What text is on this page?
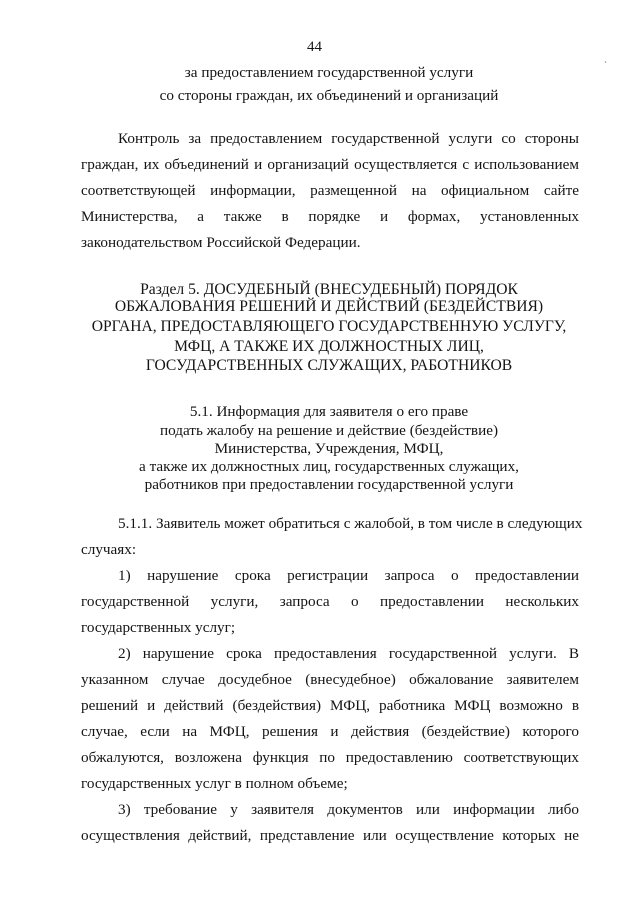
44
за предоставлением государственной услуги
со стороны граждан, их объединений и организаций
Контроль за предоставлением государственной услуги со стороны
граждан, их объединений и организаций осуществляется с использованием
соответствующей информации, размещенной на официальном сайте
Министерства, а также в порядке и формах, установленных
законодательством Российской Федерации.
Раздел 5. ДОСУДЕБНЫЙ (ВНЕСУДЕБНЫЙ) ПОРЯДОК
ОБЖАЛОВАНИЯ РЕШЕНИЙ И ДЕЙСТВИЙ (БЕЗДЕЙСТВИЯ)
ОРГАНА, ПРЕДОСТАВЛЯЮЩЕГО ГОСУДАРСТВЕННУЮ УСЛУГУ,
МФЦ, А ТАКЖЕ ИХ ДОЛЖНОСТНЫХ ЛИЦ,
ГОСУДАРСТВЕННЫХ СЛУЖАЩИХ, РАБОТНИКОВ
5.1. Информация для заявителя о его праве
подать жалобу на решение и действие (бездействие)
Министерства, Учреждения, МФЦ,
а также их должностных лиц, государственных служащих,
работников при предоставлении государственной услуги
5.1.1. Заявитель может обратиться с жалобой, в том числе в следующих
случаях:
1) нарушение срока регистрации запроса о предоставлении
государственной услуги, запроса о предоставлении нескольких
государственных услуг;
2) нарушение срока предоставления государственной услуги. В
указанном случае досудебное (внесудебное) обжалование заявителем
решений и действий (бездействия) МФЦ, работника МФЦ возможно в
случае, если на МФЦ, решения и действия (бездействие) которого
обжалуются, возложена функция по предоставлению соответствующих
государственных услуг в полном объеме;
3) требование у заявителя документов или информации либо
осуществления действий, представление или осуществление которых не
`
